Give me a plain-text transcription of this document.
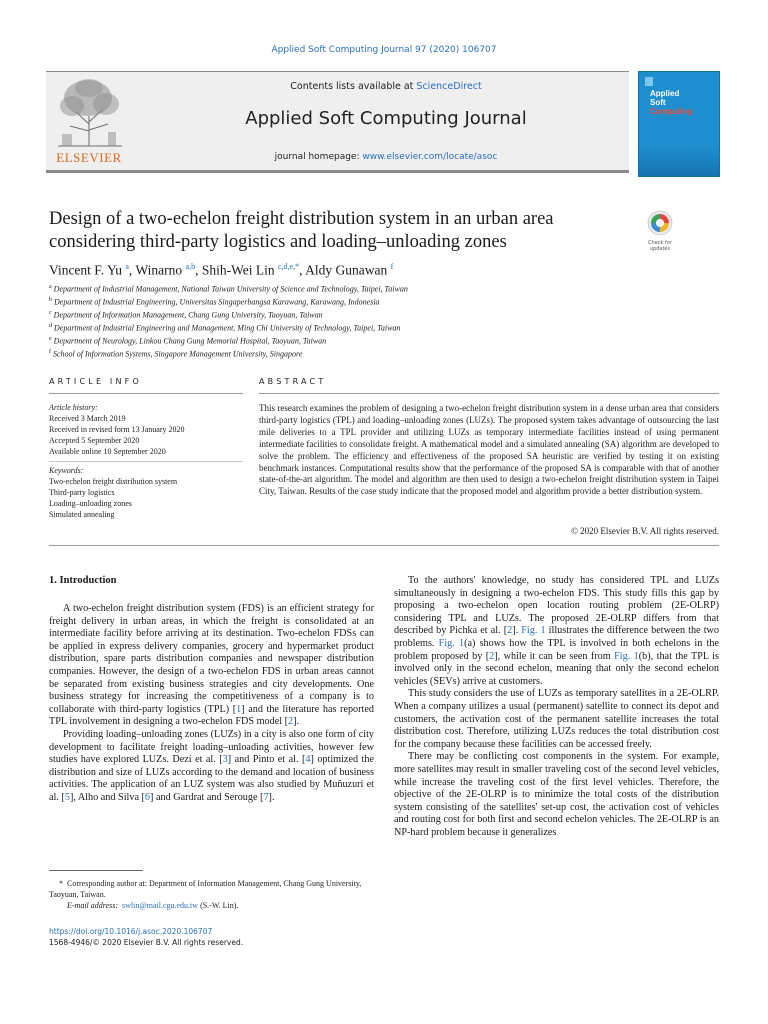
Applied Soft Computing Journal 97 (2020) 106707
ELSEVIER
Contents lists available at ScienceDirect
Applied Soft Computing Journal
journal homepage: www.elsevier.com/locate/asoc
Applied
Soft
Computing
Design of a two-echelon freight distribution system in an urban area
considering third-party logistics and loading–unloading zones	Check for
updates
Vincent F. Yu $^a$, Winarno $^{a,b}$, Shih-Wei Lin $^{c,d,e,*}$, Aldy Gunawan $^f$
$^a$ Department of Industrial Management, National Taiwan University of Science and Technology, Taipei, Taiwan
$^b$ Department of Industrial Engineering, Universitas Singaperbangsa Karawang, Karawang, Indonesia
$^c$ Department of Information Management, Chang Gung University, Taoyuan, Taiwan
$^d$ Department of Industrial Engineering and Management, Ming Chi University of Technology, Taipei, Taiwan
$^e$ Department of Neurology, Linkou Chang Gung Memorial Hospital, Taoyuan, Taiwan
$^f$ School of Information Systems, Singapore Management University, Singapore
ARTICLE INFO
Article history:
Received 3 March 2019
Received in revised form 13 January 2020
Accepted 5 September 2020
Available online 10 September 2020
Keywords:
Two-echelon freight distribution system
Third-party logistics
Loading–unloading zones
Simulated annealing
ABSTRACT
This research examines the problem of designing a two-echelon freight distribution system in a dense urban area that considers third-party logistics (TPL) and loading–unloading zones (LUZs). The proposed system takes advantage of outsourcing the last mile deliveries to a TPL provider and utilizing LUZs as temporary intermediate facilities instead of using permanent intermediate facilities to consolidate freight. A mathematical model and a simulated annealing (SA) algorithm are developed to solve the problem. The efficiency and effectiveness of the proposed SA heuristic are verified by testing it on existing benchmark instances. Computational results show that the performance of the proposed SA is comparable with that of another state-of-the-art algorithm. The model and algorithm are then used to design a two-echelon freight distribution system in Taipei City, Taiwan. Results of the case study indicate that the proposed model and algorithm provide a better distribution system.
© 2020 Elsevier B.V. All rights reserved.
1. Introduction

A two-echelon freight distribution system (FDS) is an efficient strategy for freight delivery in urban areas, in which the freight is consolidated at an intermediate facility before arriving at its destination. Two-echelon FDSs can be applied in express delivery companies, grocery and hypermarket product distribution, spare parts distribution companies and newspaper distribution companies. However, the design of a two-echelon FDS in urban areas cannot be separated from existing business strategies and city developments. One business strategy for increasing the competitiveness of a company is to collaborate with third-party logistics (TPL) [1] and the literature has reported TPL involvement in designing a two-echelon FDS model [2].

Providing loading–unloading zones (LUZs) in a city is also one form of city development to facilitate freight loading–unloading activities, however few studies have explored LUZs. Dezi et al. [3] and Pinto et al. [4] optimized the distribution and size of LUZs according to the demand and location of business activities. The application of an LUZ system was also studied by Muñuzuri et al. [5], Alho and Silva [6] and Gardrat and Serouge [7].

To the authors' knowledge, no study has considered TPL and LUZs simultaneously in designing a two-echelon FDS. This study fills this gap by proposing a two-echelon open location routing problem (2E-OLRP) considering TPL and LUZs. The proposed 2E-OLRP differs from that described by Pichka et al. [2]. Fig. 1 illustrates the difference between the two problems. Fig. 1(a) shows how the TPL is involved in both echelons in the problem proposed by [2], while it can be seen from Fig. 1(b), that the TPL is involved only in the second echelon, meaning that only the second echelon vehicles (SEVs) arrive at customers.

This study considers the use of LUZs as temporary satellites in a 2E-OLRP. When a company utilizes a usual (permanent) satellite to connect its depot and customers, the activation cost of the permanent satellite increases the total distribution cost. Therefore, utilizing LUZs reduces the total distribution cost for the company because these facilities can be accessed freely.

There may be conflicting cost components in the system. For example, more satellites may result in smaller traveling cost of the second level vehicles, while increase the traveling cost of the first level vehicles. Therefore, the objective of the 2E-OLRP is to minimize the total costs of the distribution system consisting of the satellites' set-up cost, the activation cost of vehicles and routing cost for both first and second echelon vehicles. The 2E-OLRP is an NP-hard problem because it generalizes

* Corresponding author at: Department of Information Management, Chang Gung University, Taoyuan, Taiwan.
E-mail address: swlin@mail.cgu.edu.tw (S.-W. Lin).
https://doi.org/10.1016/j.asoc.2020.106707
1568-4946/© 2020 Elsevier B.V. All rights reserved.
